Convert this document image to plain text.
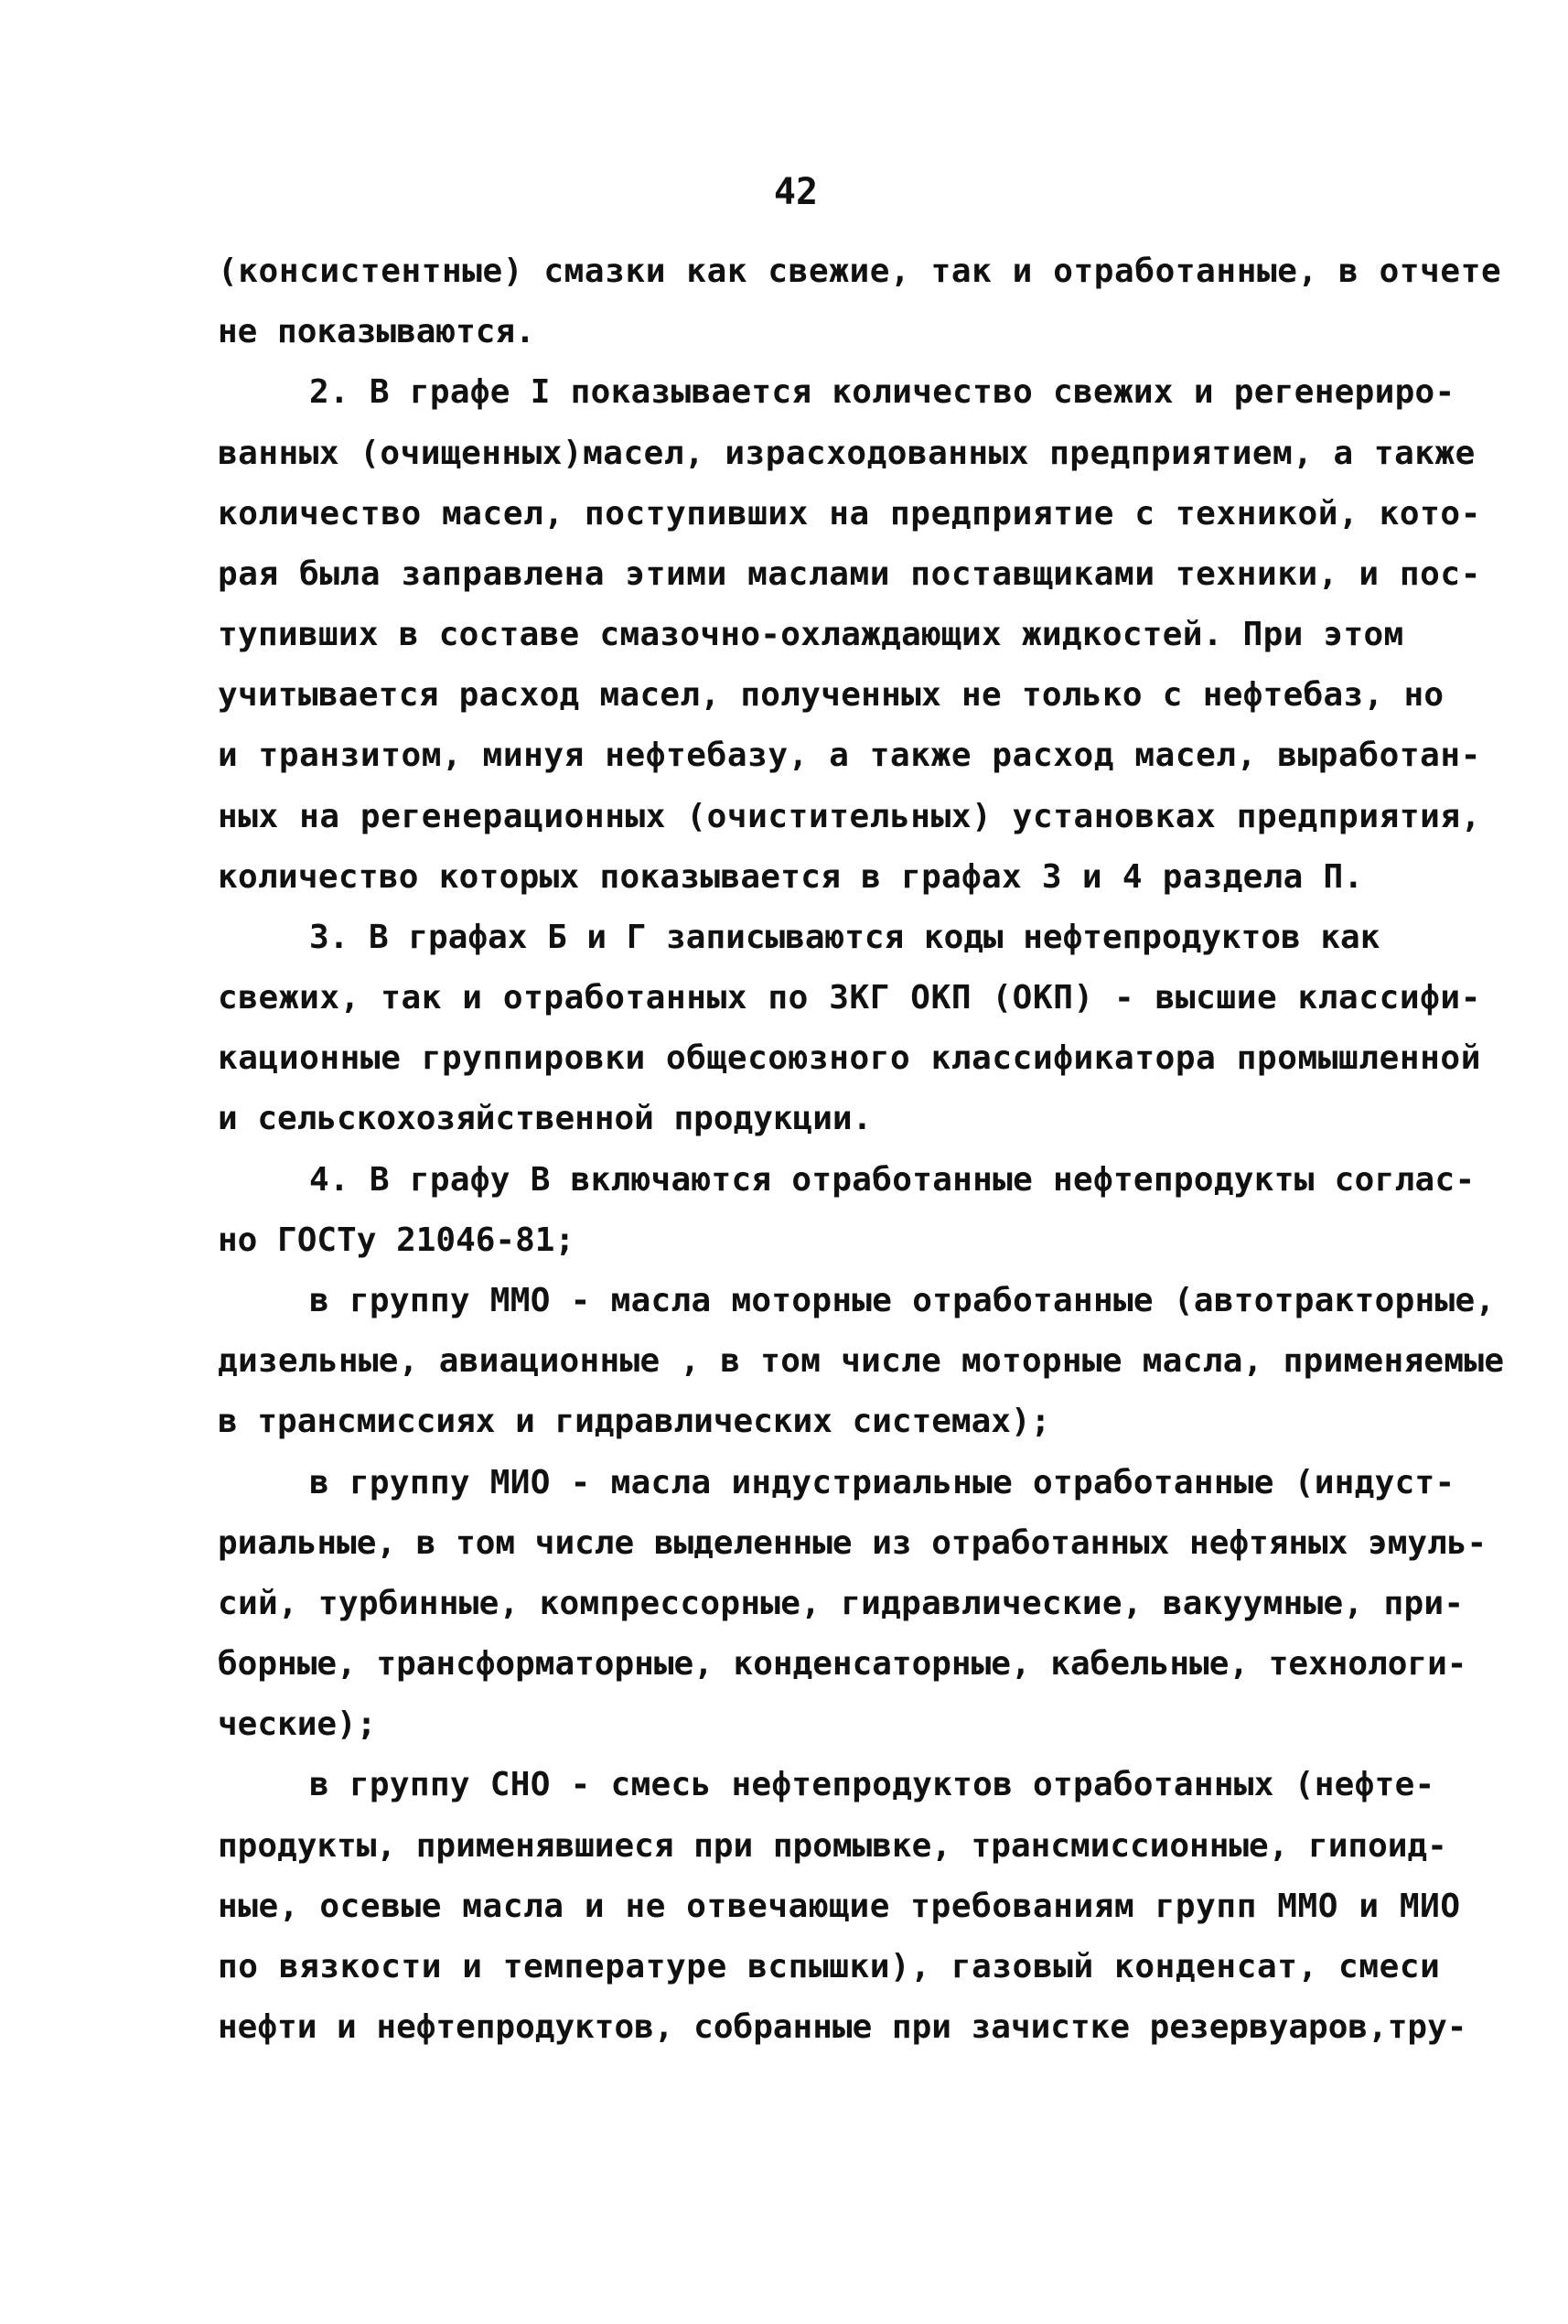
42
(консистентные) смазки как свежие, так и отработанные, в отчете
не показываются.
2. В графе I показывается количество свежих и регенериро-
ванных (очищенных)масел, израсходованных предприятием, а также
количество масел, поступивших на предприятие с техникой, кото-
рая была заправлена этими маслами поставщиками техники, и пос-
тупивших в составе смазочно-охлаждающих жидкостей. При этом
учитывается расход масел, полученных не только с нефтебаз, но
и транзитом, минуя нефтебазу, а также расход масел, выработан-
ных на регенерационных (очистительных) установках предприятия,
количество которых показывается в графах 3 и 4 раздела П.
3. В графах Б и Г записываются коды нефтепродуктов как
свежих, так и отработанных по ЗКГ ОКП (ОКП) - высшие классифи-
кационные группировки общесоюзного классификатора промышленной
и сельскохозяйственной продукции.
4. В графу В включаются отработанные нефтепродукты соглас-
но ГОСТу 21046-81;
в группу ММО - масла моторные отработанные (автотракторные,
дизельные, авиационные , в том числе моторные масла, применяемые
в трансмиссиях и гидравлических системах);
в группу МИО - масла индустриальные отработанные (индуст-
риальные, в том числе выделенные из отработанных нефтяных эмуль-
сий, турбинные, компрессорные, гидравлические, вакуумные, при-
борные, трансформаторные, конденсаторные, кабельные, технологи-
ческие);
в группу СНО - смесь нефтепродуктов отработанных (нефте-
продукты, применявшиеся при промывке, трансмиссионные, гипоид-
ные, осевые масла и не отвечающие требованиям групп ММО и МИО
по вязкости и температуре вспышки), газовый конденсат, смеси
нефти и нефтепродуктов, собранные при зачистке резервуаров,тру-
